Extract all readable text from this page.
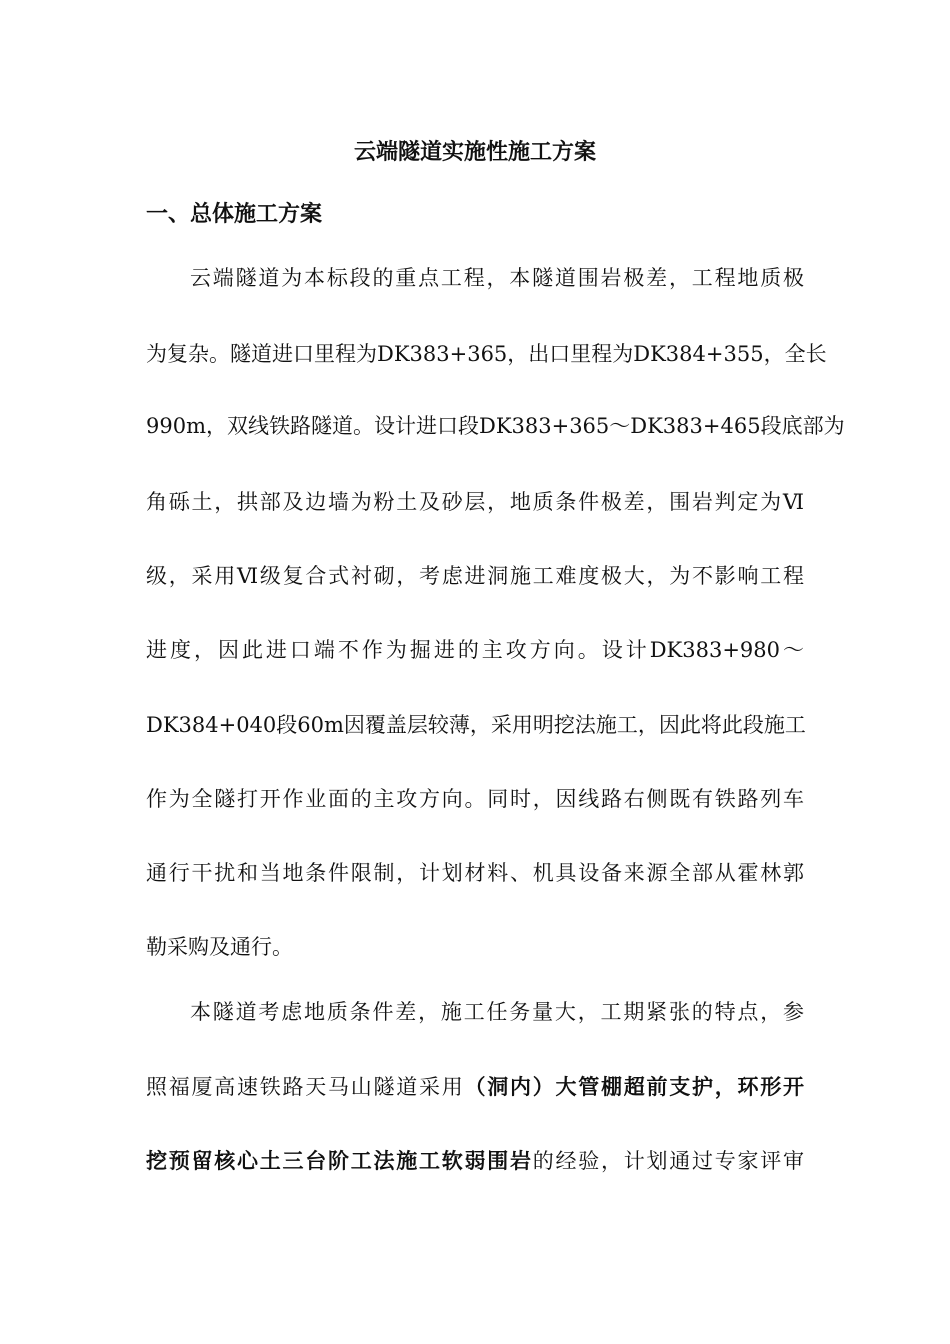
云端隧道实施性施工方案
一、总体施工方案
云端隧道为本标段的重点工程，本隧道围岩极差，工程地质极
为复杂。隧道进口里程为DK383+365，出口里程为DK384+355，全长
990m，双线铁路隧道。设计进口段DK383+365～DK383+465段底部为
角砾土，拱部及边墙为粉土及砂层，地质条件极差，围岩判定为Ⅵ
级，采用Ⅵ级复合式衬砌，考虑进洞施工难度极大，为不影响工程
进度，因此进口端不作为掘进的主攻方向。设计DK383+980～
DK384+040段60m因覆盖层较薄，采用明挖法施工，因此将此段施工
作为全隧打开作业面的主攻方向。同时，因线路右侧既有铁路列车
通行干扰和当地条件限制，计划材料、机具设备来源全部从霍林郭
勒采购及通行。
本隧道考虑地质条件差，施工任务量大，工期紧张的特点，参
照福厦高速铁路天马山隧道采用（洞内）大管棚超前支护，环形开
挖预留核心土三台阶工法施工软弱围岩的经验，计划通过专家评审
